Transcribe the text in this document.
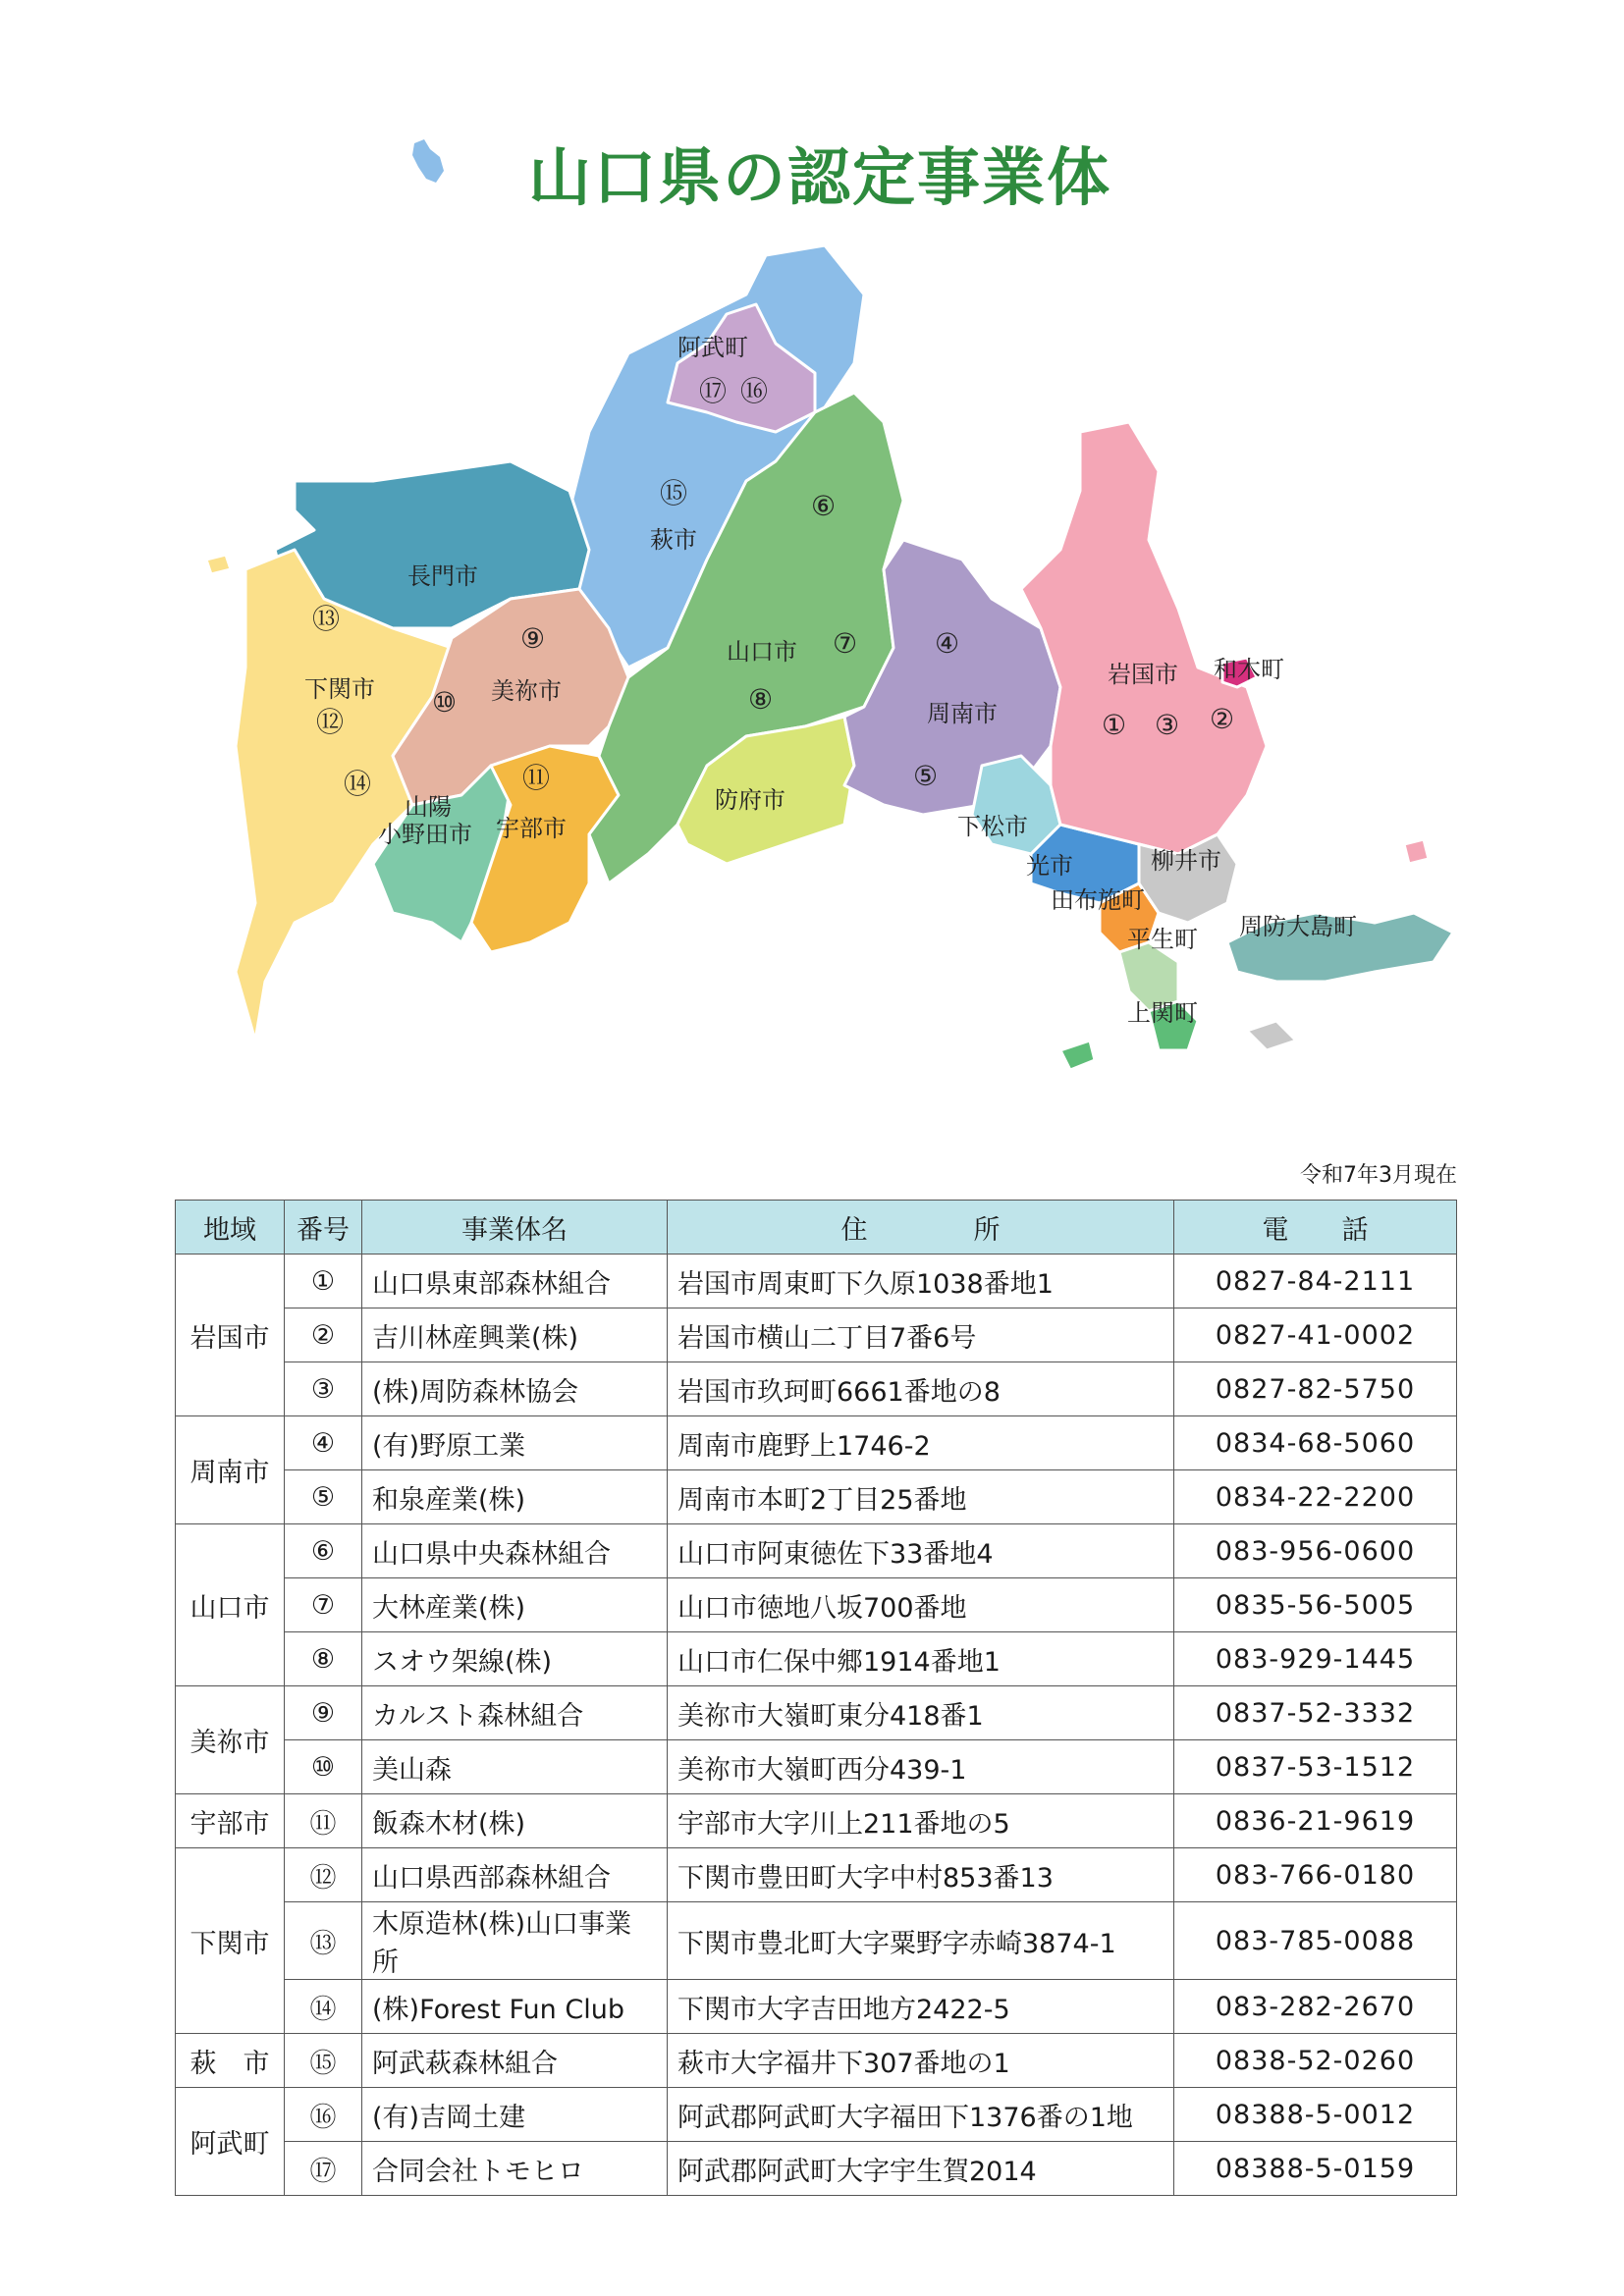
山口県の認定事業体
阿武町
萩市
長門市
下関市	美祢市
山陽 小野田市 宇部市
山口市
防府市
周南市
下松市
光市
田布施町
平生町
岩国市 和木町
柳井市
周防大島町
上関町
①	②
③
④
⑤
⑥
⑦
⑧
⑨
⑩
⑪
⑫
⑬
⑭
⑮
⑯
⑰
令和7年3月現在
地域	番号	事業体名	住　　　　所	電　　話
岩国市	①	山口県東部森林組合	岩国市周東町下久原1038番地1	0827-84-2111
	②	吉川林産興業(株)	岩国市横山二丁目7番6号	0827-41-0002
	③	(株)周防森林協会	岩国市玖珂町6661番地の8	0827-82-5750
周南市	④	(有)野原工業	周南市鹿野上1746-2	0834-68-5060
	⑤	和泉産業(株)	周南市本町2丁目25番地	0834-22-2200
山口市	⑥	山口県中央森林組合	山口市阿東徳佐下33番地4	083-956-0600
	⑦	大林産業(株)	山口市徳地八坂700番地	0835-56-5005
	⑧	スオウ架線(株)	山口市仁保中郷1914番地1	083-929-1445
美祢市	⑨	カルスト森林組合	美祢市大嶺町東分418番1	0837-52-3332
	⑩	美山森	美祢市大嶺町西分439-1	0837-53-1512
宇部市	⑪	飯森木材(株)	宇部市大字川上211番地の5	0836-21-9619
下関市	⑫	山口県西部森林組合	下関市豊田町大字中村853番13	083-766-0180
	⑬	木原造林(株)山口事業所	下関市豊北町大字粟野字赤崎3874-1	083-785-0088
	⑭	(株)Forest Fun Club	下関市大字吉田地方2422-5	083-282-2670
萩　市	⑮	阿武萩森林組合	萩市大字福井下307番地の1	0838-52-0260
阿武町	⑯	(有)吉岡土建	阿武郡阿武町大字福田下1376番の1地	08388-5-0012
	⑰	合同会社トモヒロ	阿武郡阿武町大字宇生賀2014	08388-5-0159
